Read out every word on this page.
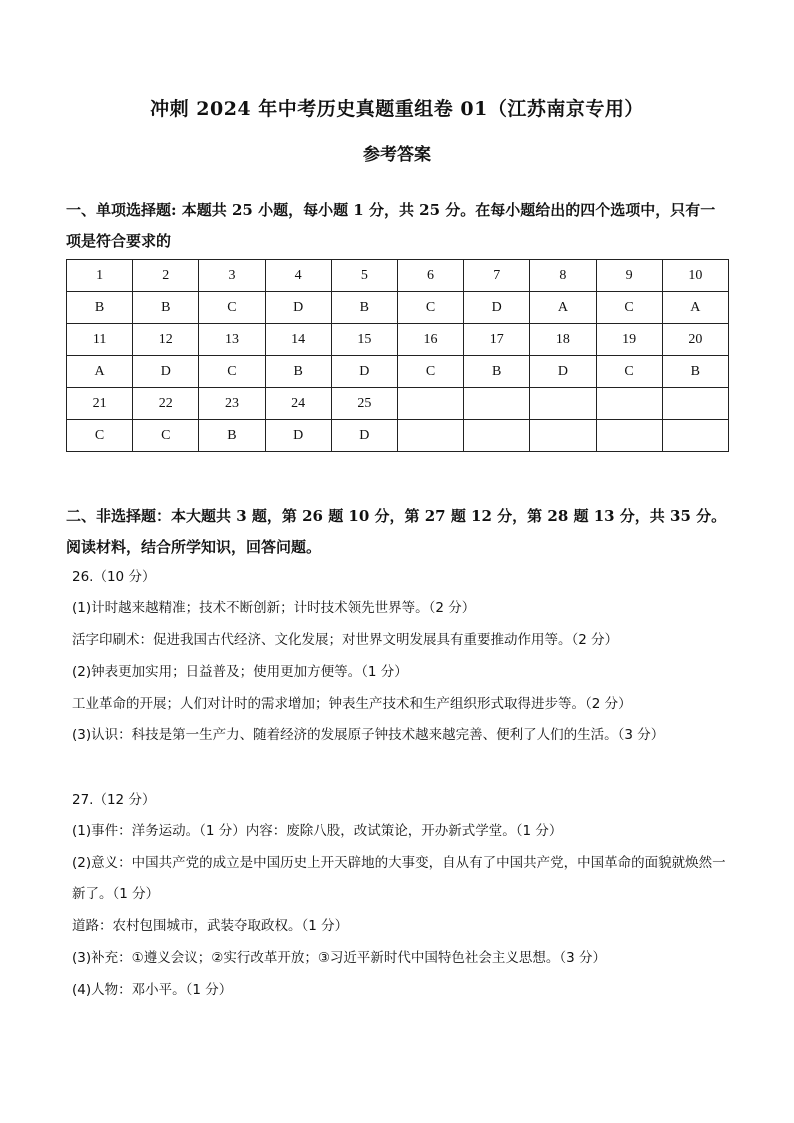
冲刺 2024 年中考历史真题重组卷 01（江苏南京专用）
参考答案
一、单项选择题: 本题共 25 小题，每小题 1 分，共 25 分。在每小题给出的四个选项中，只有一项是符合要求的
1	2	3	4	5	6	7	8	9	10
B	B	C	D	B	C	D	A	C	A
11	12	13	14	15	16	17	18	19	20
A	D	C	B	D	C	B	D	C	B
21	22	23	24	25					
C	C	B	D	D					
二、非选择题：本大题共 3 题，第 26 题 10 分，第 27 题 12 分，第 28 题 13 分，共 35 分。阅读材料，结合所学知识，回答问题。
26.（10 分）
(1)计时越来越精准；技术不断创新；计时技术领先世界等。（2 分）
活字印刷术：促进我国古代经济、文化发展；对世界文明发展具有重要推动作用等。（2 分）
(2)钟表更加实用；日益普及；使用更加方便等。（1 分）
工业革命的开展；人们对计时的需求增加；钟表生产技术和生产组织形式取得进步等。（2 分）
(3)认识：科技是第一生产力、随着经济的发展原子钟技术越来越完善、便利了人们的生活。（3 分）
27.（12 分）
(1)事件：洋务运动。（1 分）内容：废除八股，改试策论，开办新式学堂。（1 分）
(2)意义：中国共产党的成立是中国历史上开天辟地的大事变，自从有了中国共产党，中国革命的面貌就焕然一新了。（1 分）
道路：农村包围城市，武装夺取政权。（1 分）
(3)补充：①遵义会议；②实行改革开放；③习近平新时代中国特色社会主义思想。（3 分）
(4)人物：邓小平。（1 分）
